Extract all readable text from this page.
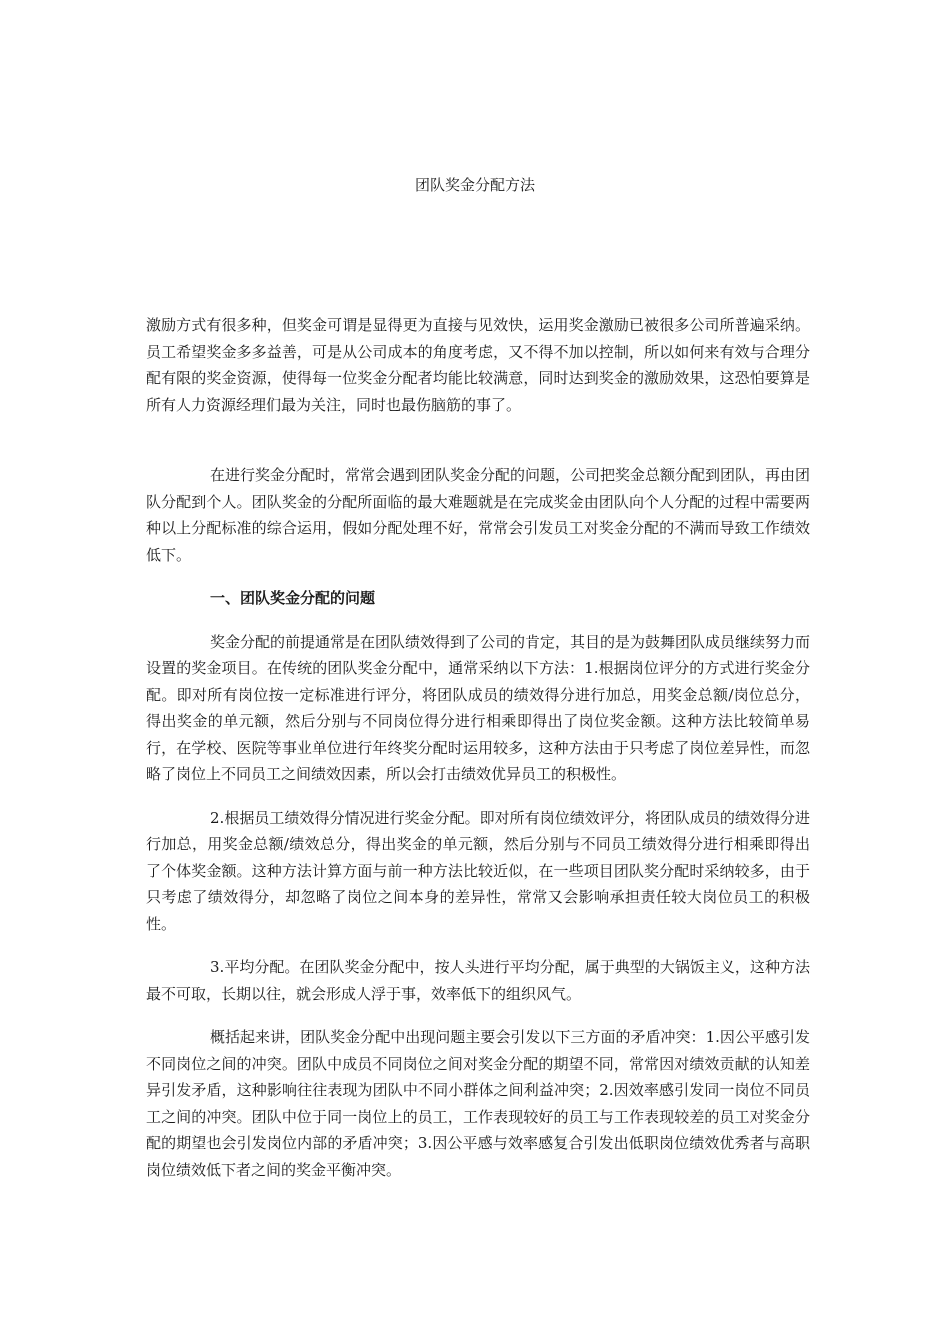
团队奖金分配方法

激励方式有很多种，但奖金可谓是显得更为直接与见效快，运用奖金激励已被很多公司所普遍采纳。员工希望奖金多多益善，可是从公司成本的角度考虑，又不得不加以控制，所以如何来有效与合理分配有限的奖金资源，使得每一位奖金分配者均能比较满意，同时达到奖金的激励效果，这恐怕要算是所有人力资源经理们最为关注，同时也最伤脑筋的事了。

在进行奖金分配时，常常会遇到团队奖金分配的问题，公司把奖金总额分配到团队，再由团队分配到个人。团队奖金的分配所面临的最大难题就是在完成奖金由团队向个人分配的过程中需要两种以上分配标准的综合运用，假如分配处理不好，常常会引发员工对奖金分配的不满而导致工作绩效低下。

一、团队奖金分配的问题

奖金分配的前提通常是在团队绩效得到了公司的肯定，其目的是为鼓舞团队成员继续努力而设置的奖金项目。在传统的团队奖金分配中，通常采纳以下方法：1.根据岗位评分的方式进行奖金分配。即对所有岗位按一定标准进行评分，将团队成员的绩效得分进行加总，用奖金总额/岗位总分，得出奖金的单元额，然后分别与不同岗位得分进行相乘即得出了岗位奖金额。这种方法比较简单易行，在学校、医院等事业单位进行年终奖分配时运用较多，这种方法由于只考虑了岗位差异性，而忽略了岗位上不同员工之间绩效因素，所以会打击绩效优异员工的积极性。

2.根据员工绩效得分情况进行奖金分配。即对所有岗位绩效评分，将团队成员的绩效得分进行加总，用奖金总额/绩效总分，得出奖金的单元额，然后分别与不同员工绩效得分进行相乘即得出了个体奖金额。这种方法计算方面与前一种方法比较近似，在一些项目团队奖分配时采纳较多，由于只考虑了绩效得分，却忽略了岗位之间本身的差异性，常常又会影响承担责任较大岗位员工的积极性。

3.平均分配。在团队奖金分配中，按人头进行平均分配，属于典型的大锅饭主义，这种方法最不可取，长期以往，就会形成人浮于事，效率低下的组织风气。

概括起来讲，团队奖金分配中出现问题主要会引发以下三方面的矛盾冲突：1.因公平感引发不同岗位之间的冲突。团队中成员不同岗位之间对奖金分配的期望不同，常常因对绩效贡献的认知差异引发矛盾，这种影响往往表现为团队中不同小群体之间利益冲突；2.因效率感引发同一岗位不同员工之间的冲突。团队中位于同一岗位上的员工，工作表现较好的员工与工作表现较差的员工对奖金分配的期望也会引发岗位内部的矛盾冲突；3.因公平感与效率感复合引发出低职岗位绩效优秀者与高职岗位绩效低下者之间的奖金平衡冲突。
